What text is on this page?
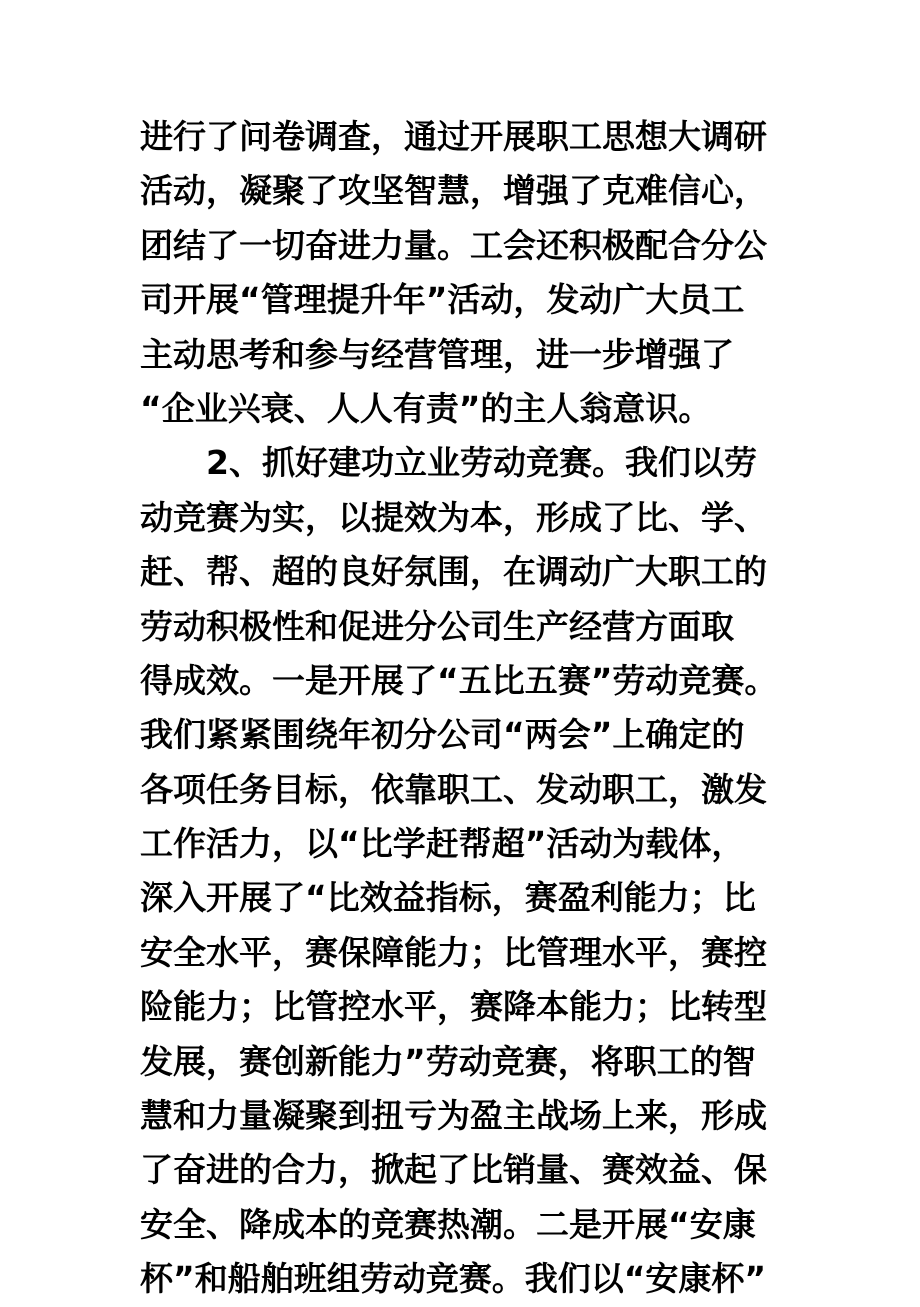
进行了问卷调查，通过开展职工思想大调研
活动，凝聚了攻坚智慧，增强了克难信心，
团结了一切奋进力量。工会还积极配合分公
司开展“管理提升年”活动，发动广大员工
主动思考和参与经营管理，进一步增强了
“企业兴衰、人人有责”的主人翁意识。
2、抓好建功立业劳动竞赛。我们以劳
动竞赛为实，以提效为本，形成了比、学、
赶、帮、超的良好氛围，在调动广大职工的
劳动积极性和促进分公司生产经营方面取
得成效。一是开展了“五比五赛”劳动竞赛。
我们紧紧围绕年初分公司“两会”上确定的
各项任务目标，依靠职工、发动职工，激发
工作活力，以“比学赶帮超”活动为载体，
深入开展了“比效益指标，赛盈利能力；比
安全水平，赛保障能力；比管理水平，赛控
险能力；比管控水平，赛降本能力；比转型
发展，赛创新能力”劳动竞赛，将职工的智
慧和力量凝聚到扭亏为盈主战场上来，形成
了奋进的合力，掀起了比销量、赛效益、保
安全、降成本的竞赛热潮。二是开展“安康
杯”和船舶班组劳动竞赛。我们以“安康杯”
